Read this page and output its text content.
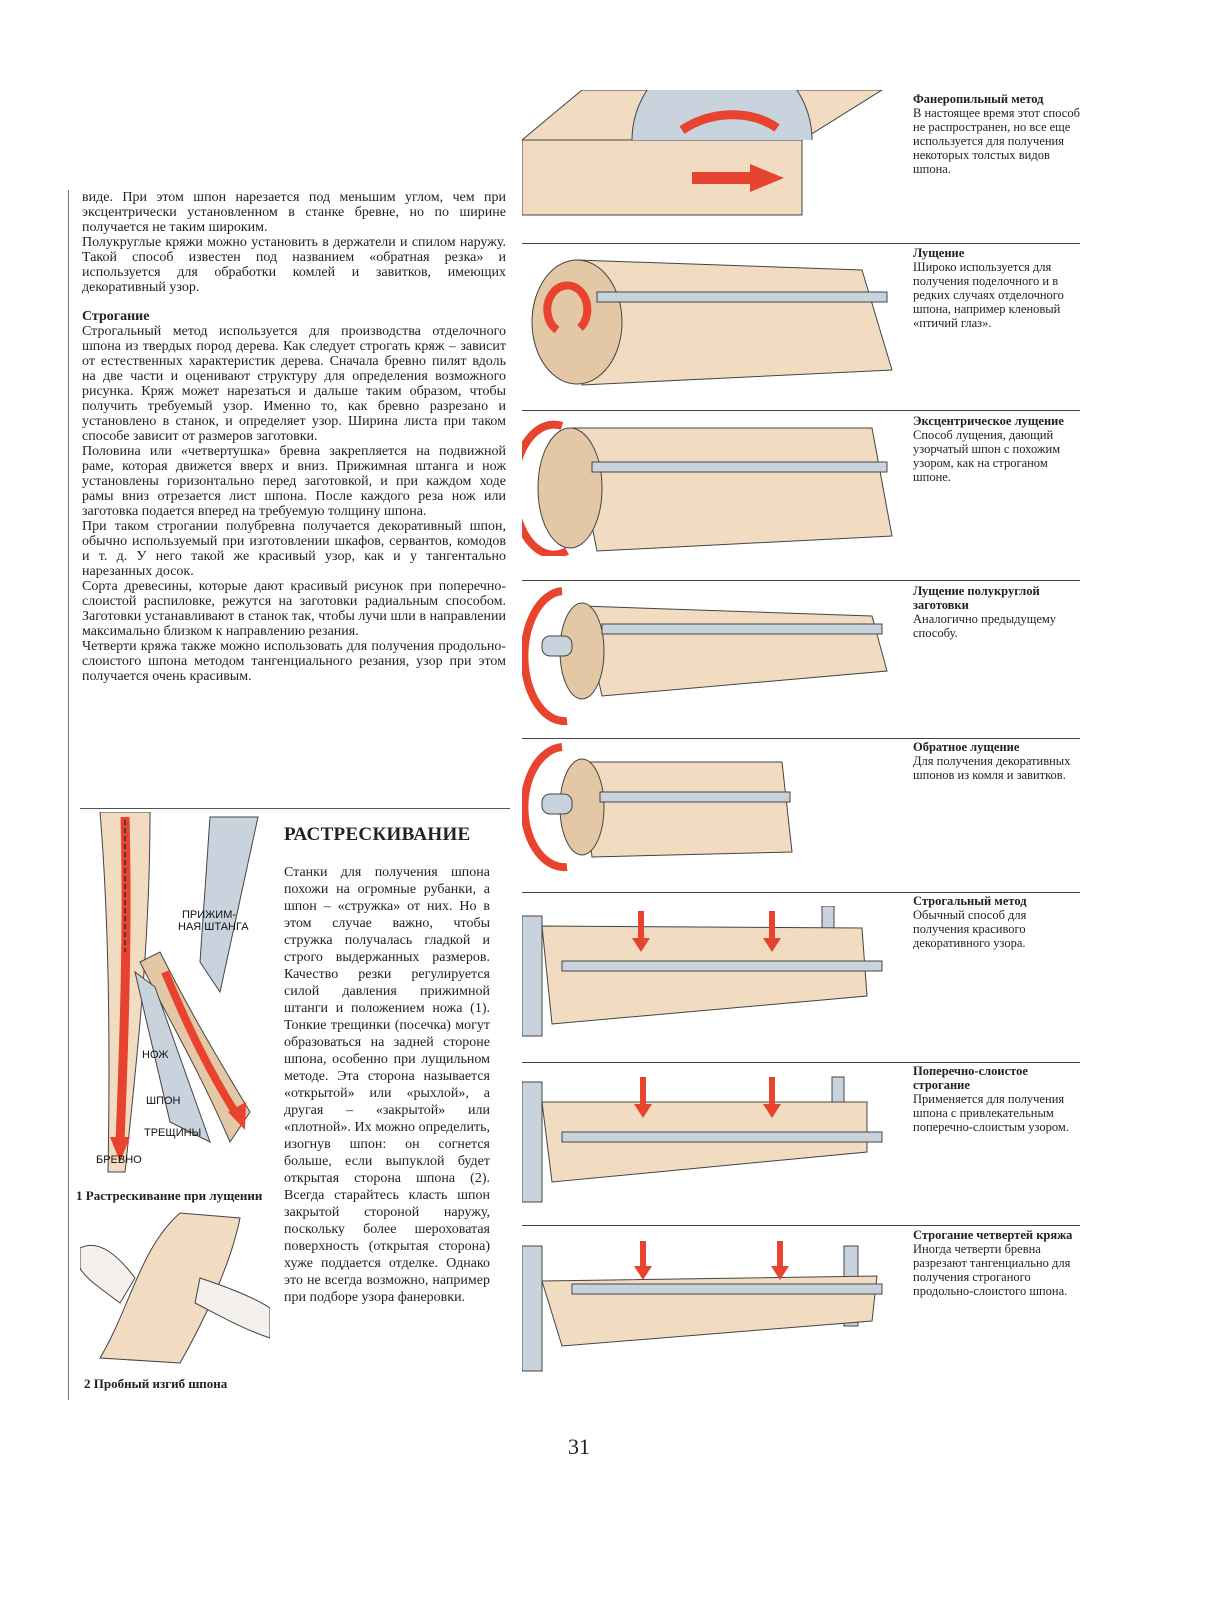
виде. При этом шпон нарезается под меньшим углом, чем при эксцентрически установленном в станке бревне, но по ширине получается не таким широким.

Полукруглые кряжи можно установить в держатели и спилом наружу. Такой способ известен под названием «обратная резка» и используется для обработки комлей и завитков, имеющих декоративный узор.

Строгание

Строгальный метод используется для производства отделочного шпона из твердых пород дерева. Как следует строгать кряж – зависит от естественных характеристик дерева. Сначала бревно пилят вдоль на две части и оценивают структуру для определения возможного рисунка. Кряж может нарезаться и дальше таким образом, чтобы получить требуемый узор. Именно то, как бревно разрезано и установлено в станок, и определяет узор. Ширина листа при таком способе зависит от размеров заготовки.

Половина или «четвертушка» бревна закрепляется на подвижной раме, которая движется вверх и вниз. Прижимная штанга и нож установлены горизонтально перед заготовкой, и при каждом ходе рамы вниз отрезается лист шпона. После каждого реза нож или заготовка подается вперед на требуемую толщину шпона.

При таком строгании полубревна получается декоративный шпон, обычно используемый при изготовлении шкафов, сервантов, комодов и т. д. У него такой же красивый узор, как и у тангентально нарезанных досок.

Сорта древесины, которые дают красивый рисунок при поперечно-слоистой распиловке, режутся на заготовки радиальным способом. Заготовки устанавливают в станок так, чтобы лучи шли в направлении максимально близком к направлению резания.

Четверти кряжа также можно использовать для получения продольно-слоистого шпона методом тангенциального резания, узор при этом получается очень красивым.

ПРИЖИМ-
НАЯ ШТАНГА
НОЖ
ШПОН
ТРЕЩИНЫ
БРЕВНО
1 Растрескивание при лущении
2 Пробный изгиб шпона
РАСТРЕСКИВАНИЕ

Станки для получения шпона похожи на огромные рубанки, а шпон – «стружка» от них. Но в этом случае важно, чтобы стружка получалась гладкой и строго выдержанных размеров. Качество резки регулируется силой давления прижимной штанги и положением ножа (1). Тонкие трещинки (посечка) могут образоваться на задней стороне шпона, особенно при лущильном методе. Эта сторона называется «открытой» или «рыхлой», а другая – «закрытой» или «плотной». Их можно определить, изогнув шпон: он согнется больше, если выпуклой будет открытая сторона шпона (2). Всегда старайтесь класть шпон закрытой стороной наружу, поскольку более шероховатая поверхность (открытая сторона) хуже поддается отделке. Однако это не всегда возможно, например при подборе узора фанеровки.

Фанеропильный метод
В настоящее время этот способ не распространен, но все еще используется для получения некоторых толстых видов шпона.
Лущение
Широко используется для получения поделочного и в редких случаях отделочного шпона, например кленовый «птичий глаз».
Эксцентрическое лущение
Способ лущения, дающий узорчатый шпон с похожим узором, как на строганом шпоне.
Лущение полукруглой заготовки
Аналогично предыдущему способу.
Обратное лущение
Для получения декоративных шпонов из комля и завитков.
Строгальный метод
Обычный способ для получения красивого декоративного узора.
Поперечно-слоистое строгание
Применяется для получения шпона с привлекательным поперечно-слоистым узором.
Строгание четвертей кряжа
Иногда четверти бревна разрезают тангенциально для получения строганого продольно-слоистого шпона.
31
